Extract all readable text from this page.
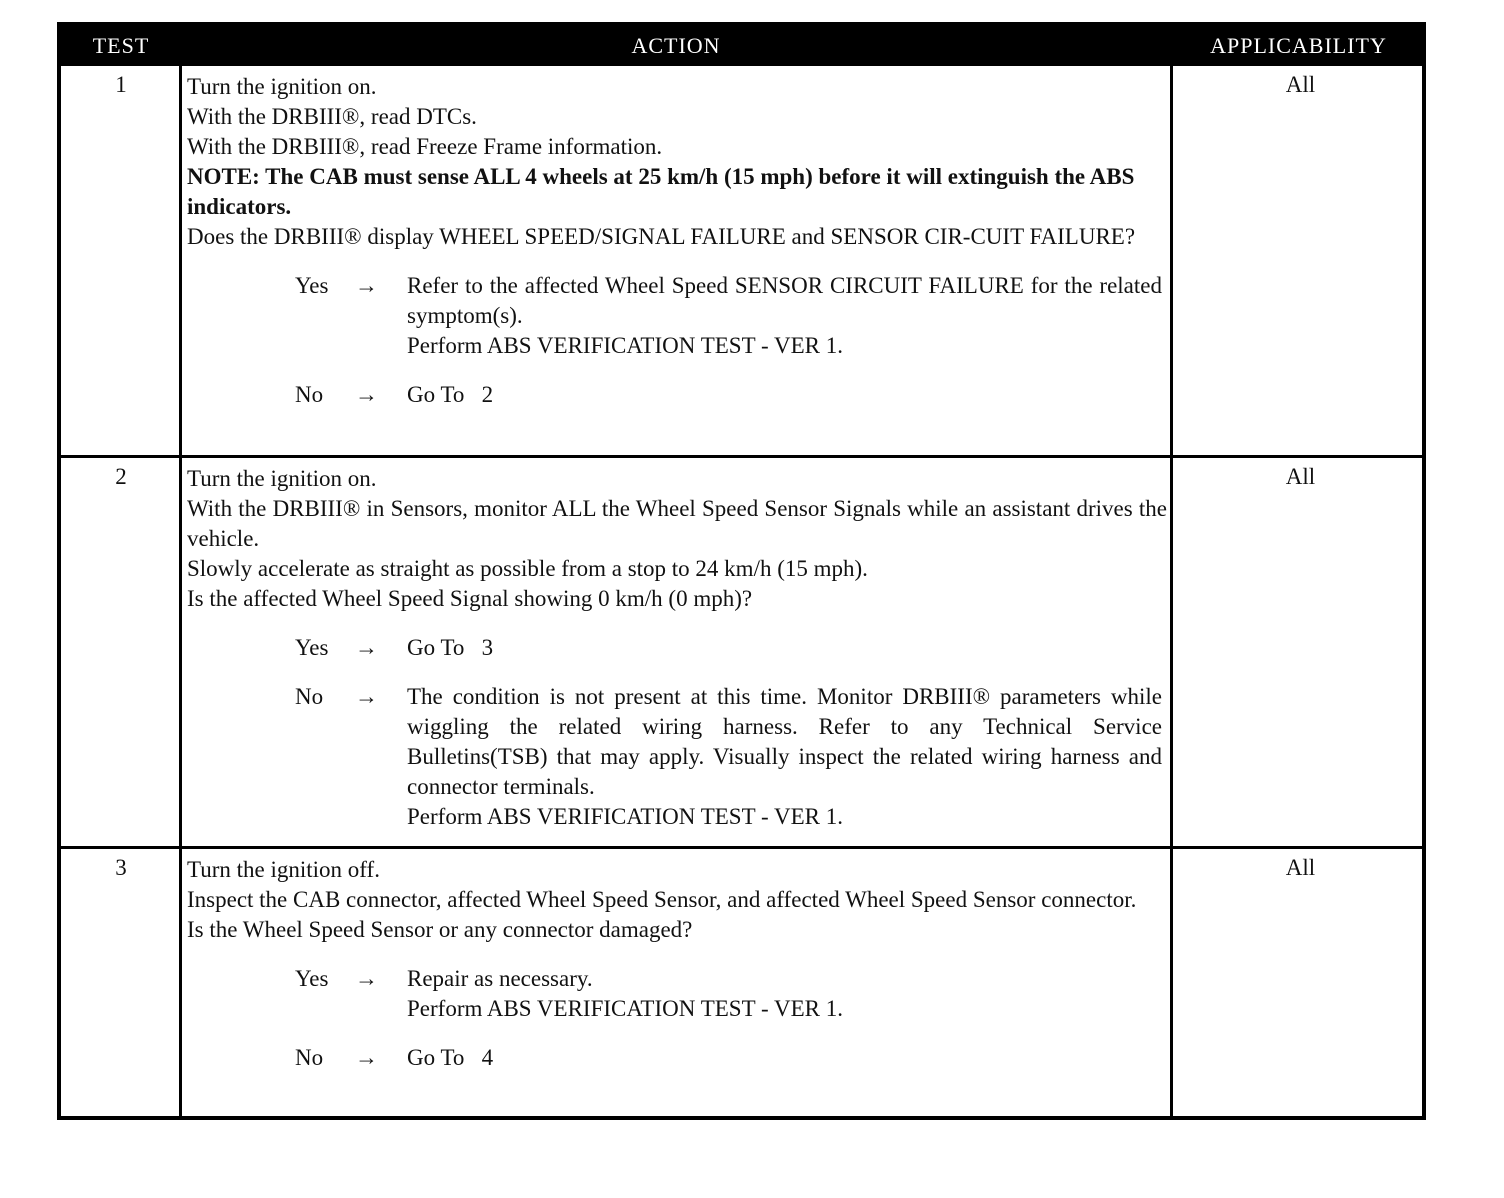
TEST	ACTION	APPLICABILITY
1	Turn the ignition on.

With the DRBIII®, read DTCs.

With the DRBIII®, read Freeze Frame information.

NOTE: The CAB must sense ALL 4 wheels at 25 km/h (15 mph) before it will extinguish the ABS indicators.

Does the DRBIII® display WHEEL SPEED/SIGNAL FAILURE and SENSOR CIR-CUIT FAILURE?

Yes	→	Refer to the affected Wheel Speed SENSOR CIRCUIT FAILURE for the related symptom(s).
Perform ABS VERIFICATION TEST - VER 1.
No	→	Go To   2
All
2	Turn the ignition on.

With the DRBIII® in Sensors, monitor ALL the Wheel Speed Sensor Signals while an assistant drives the vehicle.

Slowly accelerate as straight as possible from a stop to 24 km/h (15 mph).

Is the affected Wheel Speed Signal showing 0 km/h (0 mph)?

Yes	→	Go To   3
No	→	The condition is not present at this time. Monitor DRBIII® parameters while wiggling the related wiring harness. Refer to any Technical Service Bulletins(TSB) that may apply. Visually inspect the related wiring harness and connector terminals.
Perform ABS VERIFICATION TEST - VER 1.
All
3	Turn the ignition off.

Inspect the CAB connector, affected Wheel Speed Sensor, and affected Wheel Speed Sensor connector.

Is the Wheel Speed Sensor or any connector damaged?

Yes	→	Repair as necessary.
Perform ABS VERIFICATION TEST - VER 1.
No	→	Go To   4
All
